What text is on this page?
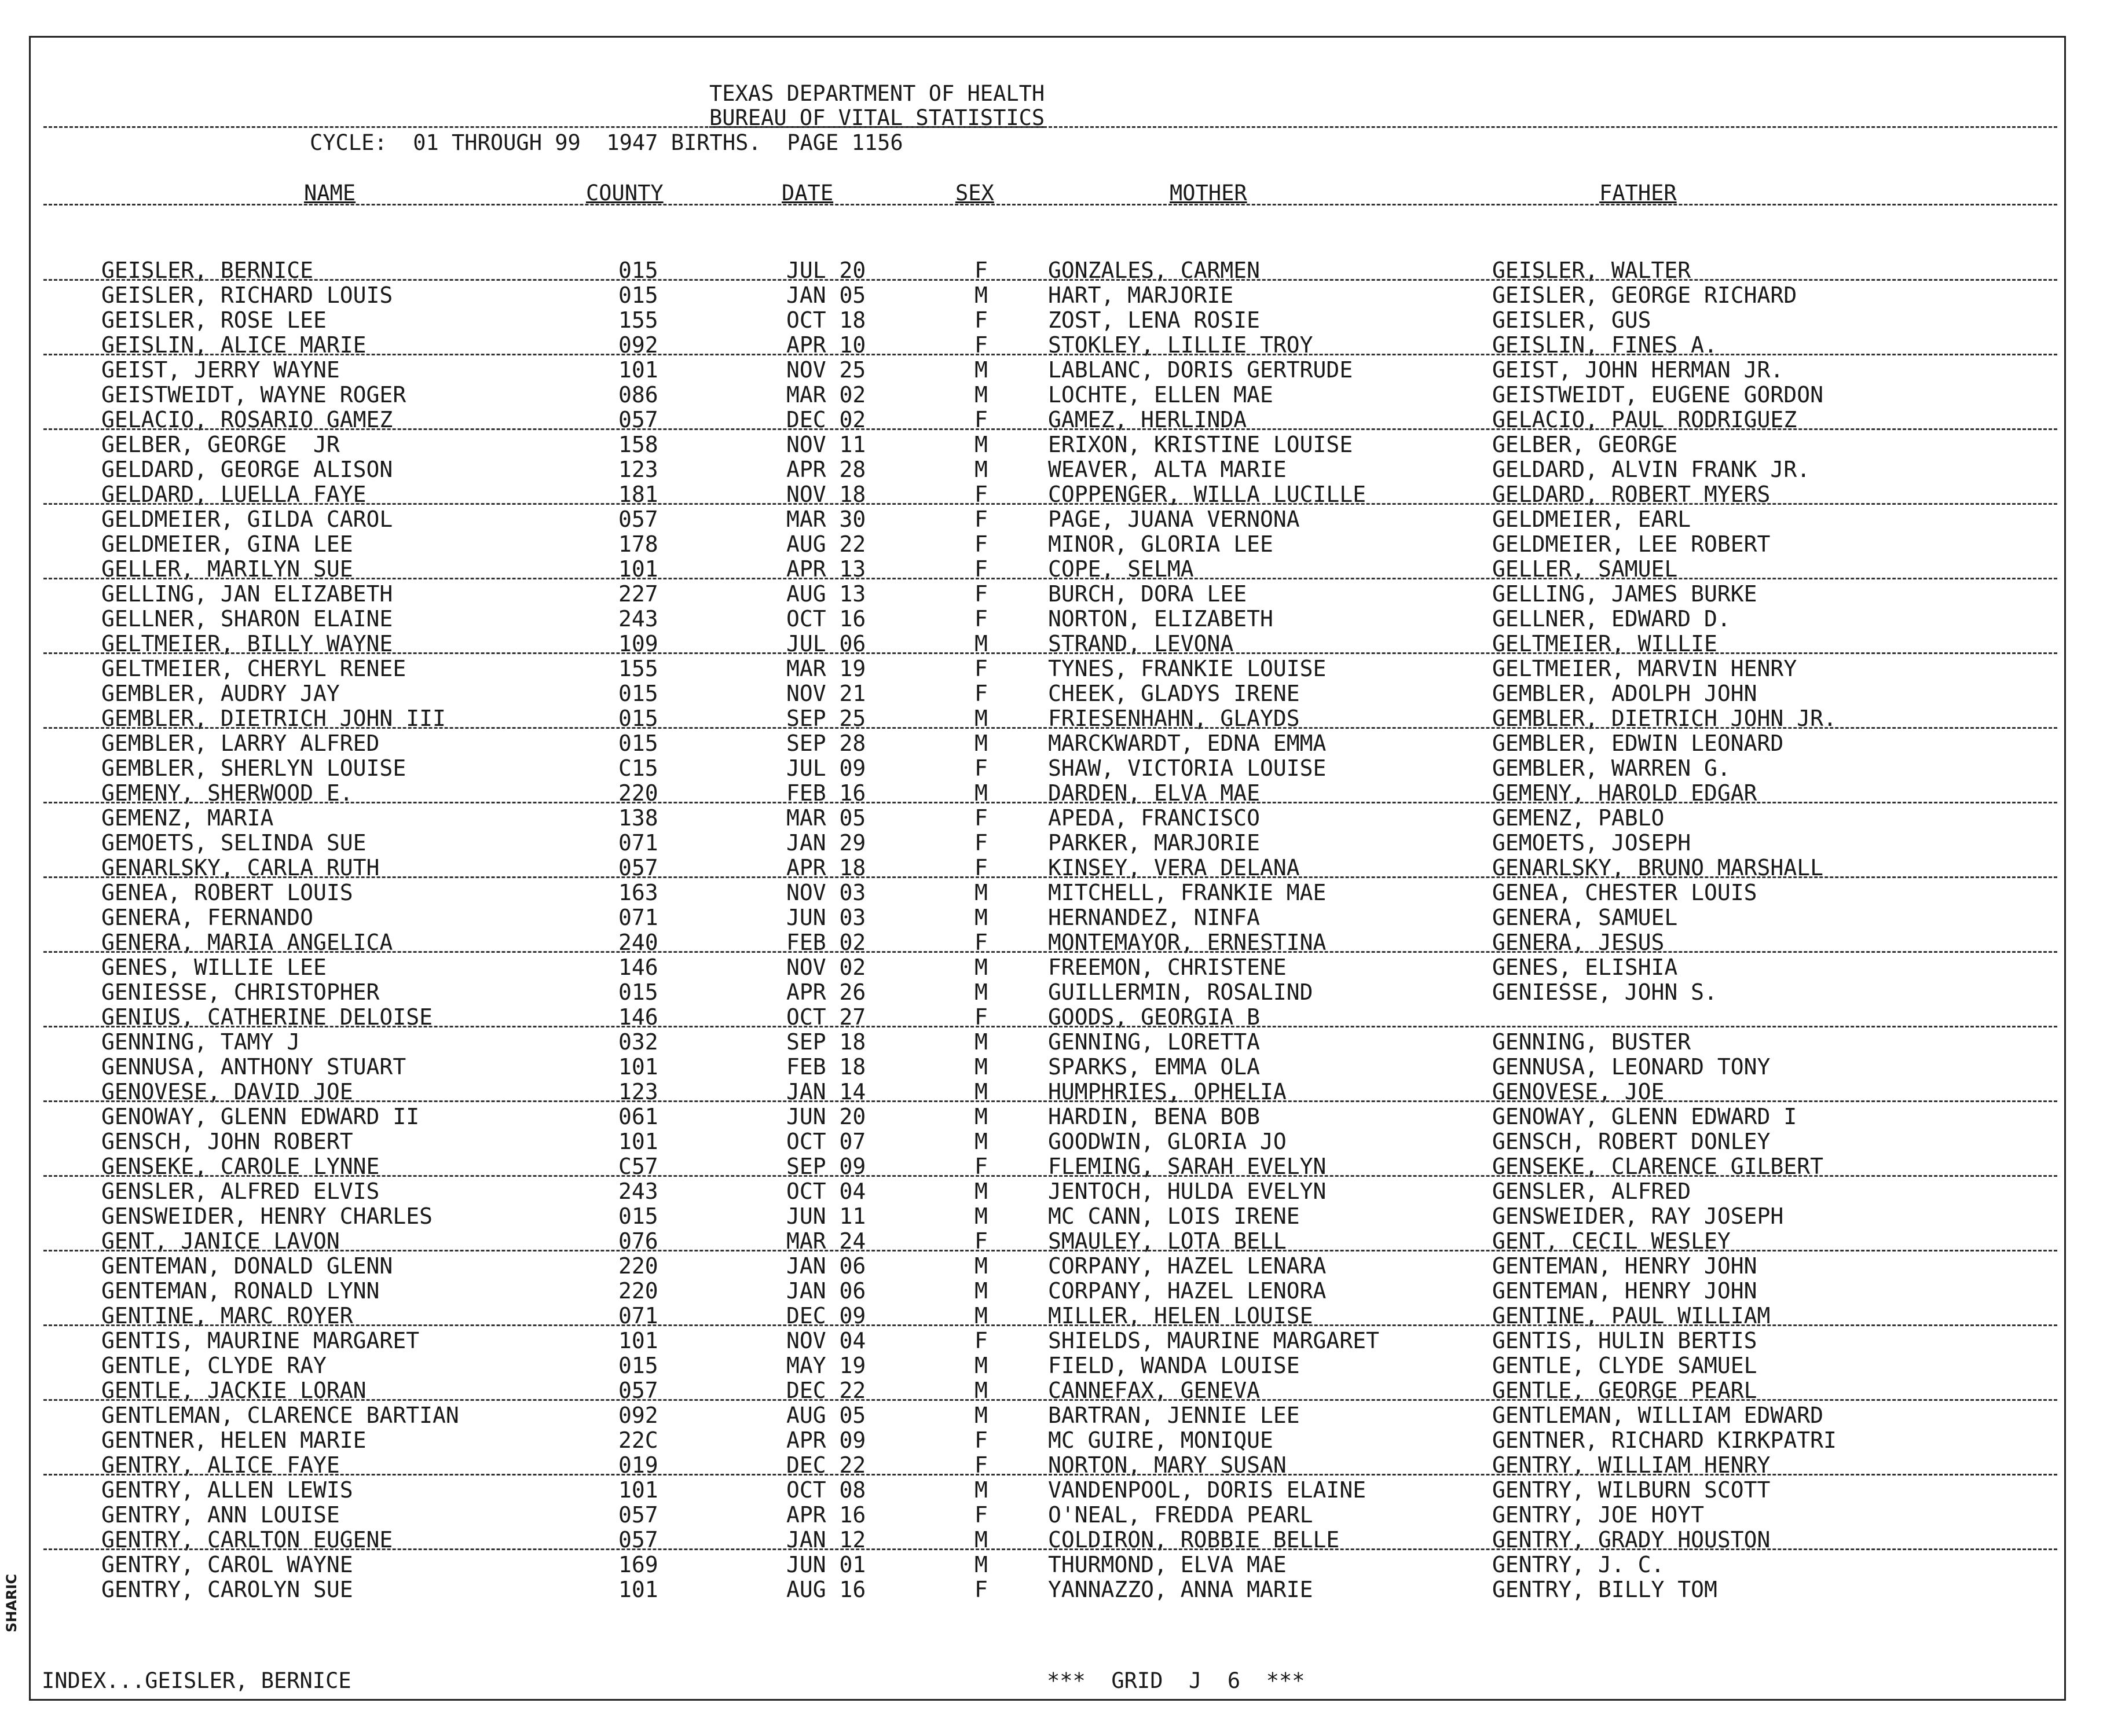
TEXAS DEPARTMENT OF HEALTH
BUREAU OF VITAL STATISTICS
CYCLE:  01 THROUGH 99  1947 BIRTHS.  PAGE 1156
NAME	COUNTY	DATE	SEX	MOTHER	FATHER
GEISLER, BERNICE	015	JUL 20	F	GONZALES, CARMEN	GEISLER, WALTER
GEISLER, RICHARD LOUIS	015	JAN 05	M	HART, MARJORIE	GEISLER, GEORGE RICHARD
GEISLER, ROSE LEE	155	OCT 18	F	ZOST, LENA ROSIE	GEISLER, GUS
GEISLIN, ALICE MARIE	092	APR 10	F	STOKLEY, LILLIE TROY	GEISLIN, FINES A.
GEIST, JERRY WAYNE	101	NOV 25	M	LABLANC, DORIS GERTRUDE	GEIST, JOHN HERMAN JR.
GEISTWEIDT, WAYNE ROGER	086	MAR 02	M	LOCHTE, ELLEN MAE	GEISTWEIDT, EUGENE GORDON
GELACIO, ROSARIO GAMEZ	057	DEC 02	F	GAMEZ, HERLINDA	GELACIO, PAUL RODRIGUEZ
GELBER, GEORGE  JR	158	NOV 11	M	ERIXON, KRISTINE LOUISE	GELBER, GEORGE
GELDARD, GEORGE ALISON	123	APR 28	M	WEAVER, ALTA MARIE	GELDARD, ALVIN FRANK JR.
GELDARD, LUELLA FAYE	181	NOV 18	F	COPPENGER, WILLA LUCILLE	GELDARD, ROBERT MYERS
GELDMEIER, GILDA CAROL	057	MAR 30	F	PAGE, JUANA VERNONA	GELDMEIER, EARL
GELDMEIER, GINA LEE	178	AUG 22	F	MINOR, GLORIA LEE	GELDMEIER, LEE ROBERT
GELLER, MARILYN SUE	101	APR 13	F	COPE, SELMA	GELLER, SAMUEL
GELLING, JAN ELIZABETH	227	AUG 13	F	BURCH, DORA LEE	GELLING, JAMES BURKE
GELLNER, SHARON ELAINE	243	OCT 16	F	NORTON, ELIZABETH	GELLNER, EDWARD D.
GELTMEIER, BILLY WAYNE	109	JUL 06	M	STRAND, LEVONA	GELTMEIER, WILLIE
GELTMEIER, CHERYL RENEE	155	MAR 19	F	TYNES, FRANKIE LOUISE	GELTMEIER, MARVIN HENRY
GEMBLER, AUDRY JAY	015	NOV 21	F	CHEEK, GLADYS IRENE	GEMBLER, ADOLPH JOHN
GEMBLER, DIETRICH JOHN III	015	SEP 25	M	FRIESENHAHN, GLAYDS	GEMBLER, DIETRICH JOHN JR.
GEMBLER, LARRY ALFRED	015	SEP 28	M	MARCKWARDT, EDNA EMMA	GEMBLER, EDWIN LEONARD
GEMBLER, SHERLYN LOUISE	C15	JUL 09	F	SHAW, VICTORIA LOUISE	GEMBLER, WARREN G.
GEMENY, SHERWOOD E.	220	FEB 16	M	DARDEN, ELVA MAE	GEMENY, HAROLD EDGAR
GEMENZ, MARIA	138	MAR 05	F	APEDA, FRANCISCO	GEMENZ, PABLO
GEMOETS, SELINDA SUE	071	JAN 29	F	PARKER, MARJORIE	GEMOETS, JOSEPH
GENARLSKY, CARLA RUTH	057	APR 18	F	KINSEY, VERA DELANA	GENARLSKY, BRUNO MARSHALL
GENEA, ROBERT LOUIS	163	NOV 03	M	MITCHELL, FRANKIE MAE	GENEA, CHESTER LOUIS
GENERA, FERNANDO	071	JUN 03	M	HERNANDEZ, NINFA	GENERA, SAMUEL
GENERA, MARIA ANGELICA	240	FEB 02	F	MONTEMAYOR, ERNESTINA	GENERA, JESUS
GENES, WILLIE LEE	146	NOV 02	M	FREEMON, CHRISTENE	GENES, ELISHIA
GENIESSE, CHRISTOPHER	015	APR 26	M	GUILLERMIN, ROSALIND	GENIESSE, JOHN S.
GENIUS, CATHERINE DELOISE	146	OCT 27	F	GOODS, GEORGIA B
GENNING, TAMY J	032	SEP 18	M	GENNING, LORETTA	GENNING, BUSTER
GENNUSA, ANTHONY STUART	101	FEB 18	M	SPARKS, EMMA OLA	GENNUSA, LEONARD TONY
GENOVESE, DAVID JOE	123	JAN 14	M	HUMPHRIES, OPHELIA	GENOVESE, JOE
GENOWAY, GLENN EDWARD II	061	JUN 20	M	HARDIN, BENA BOB	GENOWAY, GLENN EDWARD I
GENSCH, JOHN ROBERT	101	OCT 07	M	GOODWIN, GLORIA JO	GENSCH, ROBERT DONLEY
GENSEKE, CAROLE LYNNE	C57	SEP 09	F	FLEMING, SARAH EVELYN	GENSEKE, CLARENCE GILBERT
GENSLER, ALFRED ELVIS	243	OCT 04	M	JENTOCH, HULDA EVELYN	GENSLER, ALFRED
GENSWEIDER, HENRY CHARLES	015	JUN 11	M	MC CANN, LOIS IRENE	GENSWEIDER, RAY JOSEPH
GENT, JANICE LAVON	076	MAR 24	F	SMAULEY, LOTA BELL	GENT, CECIL WESLEY
GENTEMAN, DONALD GLENN	220	JAN 06	M	CORPANY, HAZEL LENARA	GENTEMAN, HENRY JOHN
GENTEMAN, RONALD LYNN	220	JAN 06	M	CORPANY, HAZEL LENORA	GENTEMAN, HENRY JOHN
GENTINE, MARC ROYER	071	DEC 09	M	MILLER, HELEN LOUISE	GENTINE, PAUL WILLIAM
GENTIS, MAURINE MARGARET	101	NOV 04	F	SHIELDS, MAURINE MARGARET	GENTIS, HULIN BERTIS
GENTLE, CLYDE RAY	015	MAY 19	M	FIELD, WANDA LOUISE	GENTLE, CLYDE SAMUEL
GENTLE, JACKIE LORAN	057	DEC 22	M	CANNEFAX, GENEVA	GENTLE, GEORGE PEARL
GENTLEMAN, CLARENCE BARTIAN	092	AUG 05	M	BARTRAN, JENNIE LEE	GENTLEMAN, WILLIAM EDWARD
GENTNER, HELEN MARIE	22C	APR 09	F	MC GUIRE, MONIQUE	GENTNER, RICHARD KIRKPATRI
GENTRY, ALICE FAYE	019	DEC 22	F	NORTON, MARY SUSAN	GENTRY, WILLIAM HENRY
GENTRY, ALLEN LEWIS	101	OCT 08	M	VANDENPOOL, DORIS ELAINE	GENTRY, WILBURN SCOTT
GENTRY, ANN LOUISE	057	APR 16	F	O'NEAL, FREDDA PEARL	GENTRY, JOE HOYT
GENTRY, CARLTON EUGENE	057	JAN 12	M	COLDIRON, ROBBIE BELLE	GENTRY, GRADY HOUSTON
GENTRY, CAROL WAYNE	169	JUN 01	M	THURMOND, ELVA MAE	GENTRY, J. C.
GENTRY, CAROLYN SUE	101	AUG 16	F	YANNAZZO, ANNA MARIE	GENTRY, BILLY TOM
INDEX...GEISLER, BERNICE	***  GRID  J  6  ***
SHARIC
